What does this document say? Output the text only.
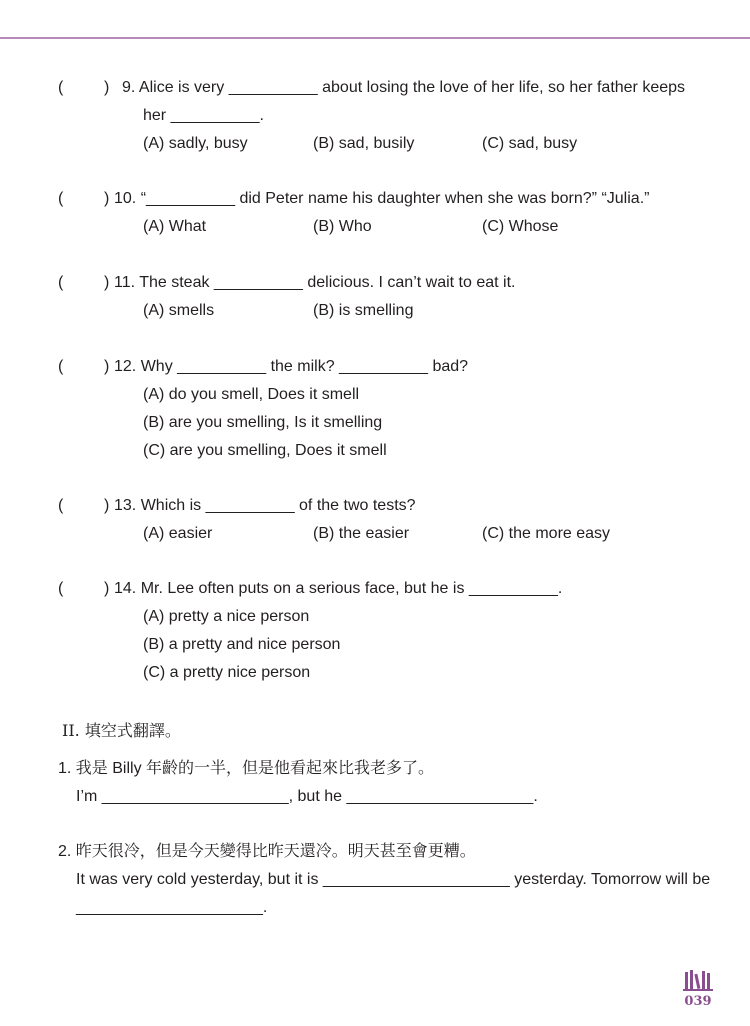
(	) 9. Alice is very __________ about losing the love of her life, so her father keeps
her __________.
(A) sadly, busy	(B) sad, busily	(C) sad, busy
(	) 10. “__________ did Peter name his daughter when she was born?” “Julia.”
(A) What	(B) Who	(C) Whose
(	) 11. The steak __________ delicious. I can’t wait to eat it.
(A) smells	(B) is smelling
(	) 12. Why __________ the milk? __________ bad?
(A) do you smell, Does it smell
(B) are you smelling, Is it smelling
(C) are you smelling, Does it smell
(	) 13. Which is __________ of the two tests?
(A) easier	(B) the easier	(C) the more easy
(	) 14. Mr. Lee often puts on a serious face, but he is __________.
(A) pretty a nice person
(B) a pretty and nice person
(C) a pretty nice person
II. 填空式翻譯。
1. 我是 Billy 年齡的一半，但是他看起來比我老多了。
I’m _____________________, but he _____________________.
2. 昨天很冷，但是今天變得比昨天還冷。明天甚至會更糟。
It was very cold yesterday, but it is _____________________ yesterday. Tomorrow will be
_____________________.
039
